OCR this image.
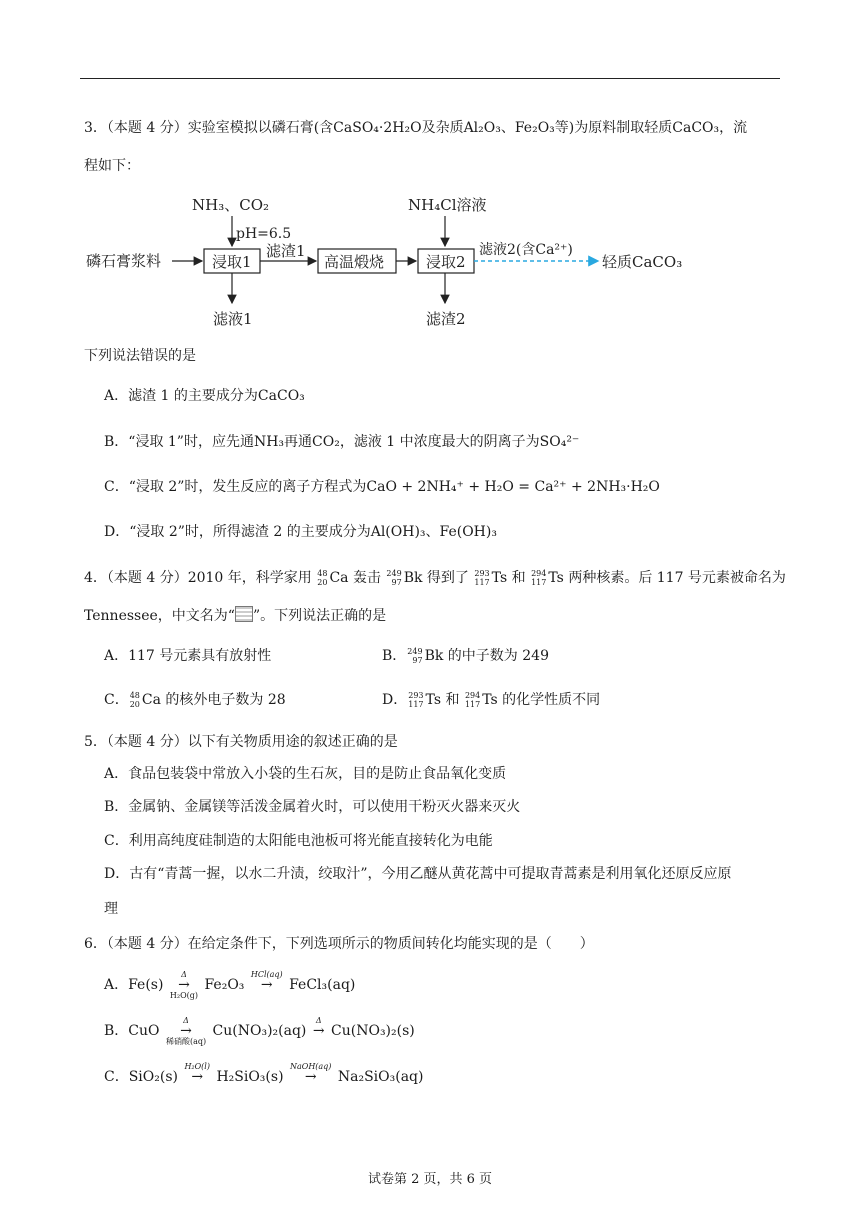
3．（本题 4 分）实验室模拟以磷石膏(含CaSO₄·2H₂O及杂质Al₂O₃、Fe₂O₃等)为原料制取轻质CaCO₃，流
程如下：
NH₃、CO₂
pH=6.5
NH₄Cl溶液
磷石膏浆料	浸取1
滤渣1
高温煅烧	浸取2
滤液2(含Ca²⁺)
轻质CaCO₃
滤液1	滤渣2
下列说法错误的是
A．滤渣 1 的主要成分为CaCO₃
B．“浸取 1”时，应先通NH₃再通CO₂，滤液 1 中浓度最大的阴离子为SO₄²⁻
C．“浸取 2”时，发生反应的离子方程式为CaO + 2NH₄⁺ + H₂O = Ca²⁺ + 2NH₃·H₂O
D．“浸取 2”时，所得滤渣 2 的主要成分为Al(OH)₃、Fe(OH)₃
4．（本题 4 分）2010 年，科学家用 48
20 Ca 轰击 249
97 Bk 得到了 293
117 Ts 和 294
117 Ts 两种核素。后 117 号元素被命名为
Tennessee，中文名为“ ”。下列说法正确的是
A．117 号元素具有放射性	B． 249
97 Bk 的中子数为 249
C． 48
20 Ca 的核外电子数为 28	D． 293
117 Ts 和 294
117 Ts 的化学性质不同
5．（本题 4 分）以下有关物质用途的叙述正确的是
A．食品包装袋中常放入小袋的生石灰，目的是防止食品氧化变质
B．金属钠、金属镁等活泼金属着火时，可以使用干粉灭火器来灭火
C．利用高纯度硅制造的太阳能电池板可将光能直接转化为电能
D．古有“青蒿一握，以水二升渍，绞取汁”，今用乙醚从黄花蒿中可提取青蒿素是利用氧化还原反应原
理
6．（本题 4 分）在给定条件下，下列选项所示的物质间转化均能实现的是（　　）
A．Fe(s)
Δ
→
H₂O(g)
Fe₂O₃
HCl(aq)
→
FeCl₃(aq)
B．CuO
Δ
→
稀硝酸(aq)
Cu(NO₃)₂(aq)
Δ
→
Cu(NO₃)₂(s)
C．SiO₂(s)
H₂O(l)
→
H₂SiO₃(s)
NaOH(aq)
→
Na₂SiO₃(aq)
试卷第 2 页，共 6 页
